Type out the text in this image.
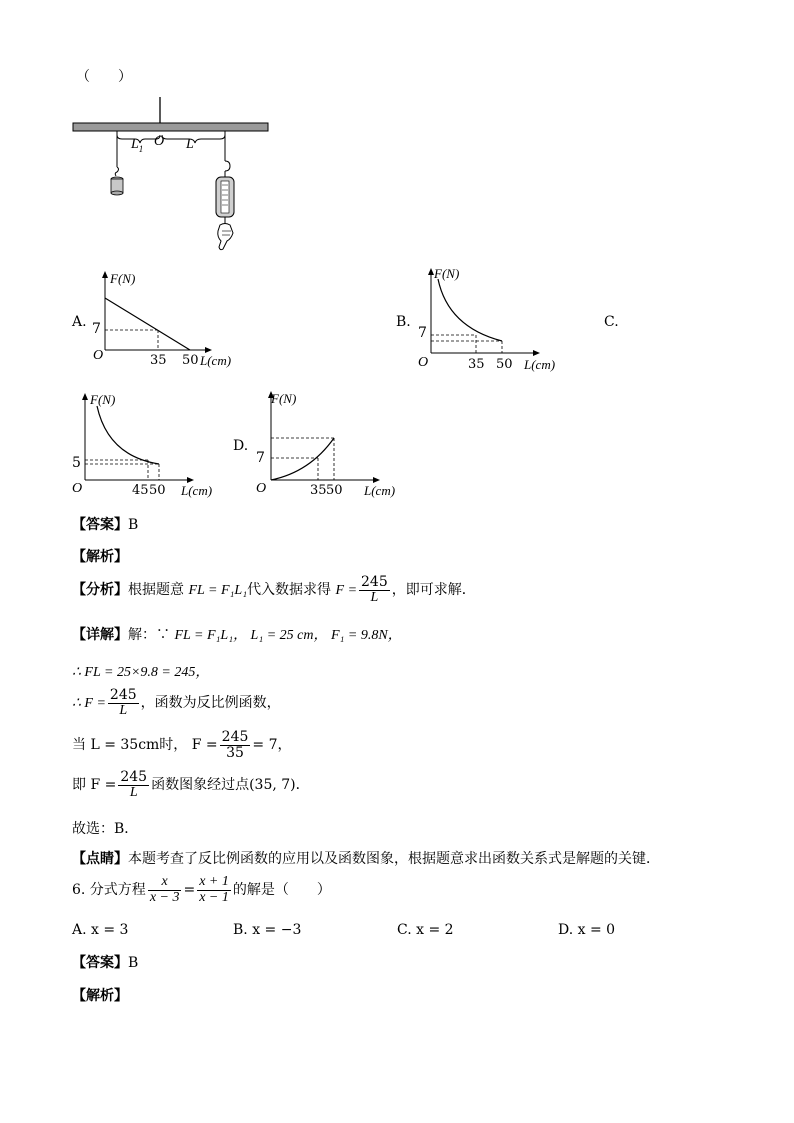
（　　）
$L_1$ O L
A.
F(N)
7
O	35 50 L(cm)
B.
F(N)
7
O	35 50 L(cm)
C.
F(N)
5
O	45 50 L(cm)
D.
F(N)
7
O	35 50 L(cm)
【答案】B
【解析】
【分析】根据题意 FL = F₁L₁代入数据求得 $F = \frac{245}{L}$ ，即可求解．
【详解】解：∵ FL = F₁L₁， L₁ = 25 cm， F₁ = 9.8N，
∴ FL = 25×9.8 = 245，
∴ $F = \frac{245}{L}$ ，函数为反比例函数，
当 L = 35cm时， $F = \frac{245}{35} = 7$，
即 $F = \frac{245}{L}$ 函数图象经过点(35, 7)．
故选：B．
【点睛】本题考查了反比例函数的应用以及函数图象，根据题意求出函数关系式是解题的关键．
6. 分式方程 $\frac{x}{x - 3} = \frac{x + 1}{x - 1}$ 的解是（　　）
A. x = 3	B. x = −3	C. x = 2	D. x = 0
【答案】B
【解析】
